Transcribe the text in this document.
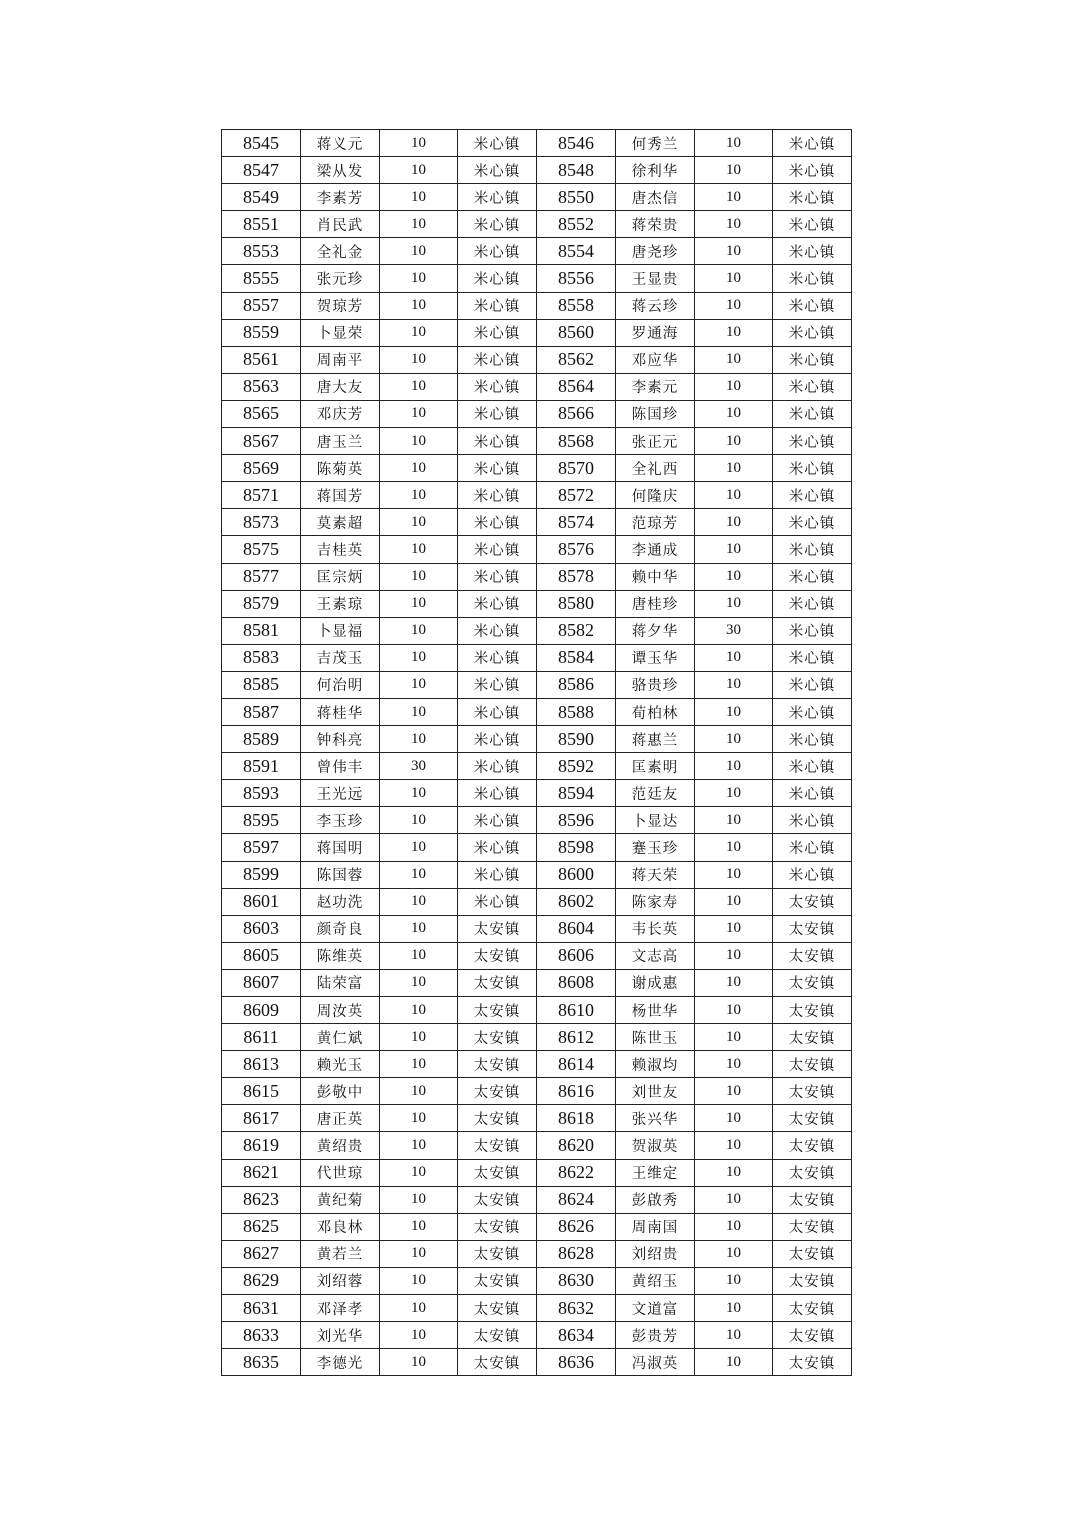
8545	蒋义元	10	米心镇	8546	何秀兰	10	米心镇
8547	梁从发	10	米心镇	8548	徐利华	10	米心镇
8549	李素芳	10	米心镇	8550	唐杰信	10	米心镇
8551	肖民武	10	米心镇	8552	蒋荣贵	10	米心镇
8553	全礼金	10	米心镇	8554	唐尧珍	10	米心镇
8555	张元珍	10	米心镇	8556	王显贵	10	米心镇
8557	贺琼芳	10	米心镇	8558	蒋云珍	10	米心镇
8559	卜显荣	10	米心镇	8560	罗通海	10	米心镇
8561	周南平	10	米心镇	8562	邓应华	10	米心镇
8563	唐大友	10	米心镇	8564	李素元	10	米心镇
8565	邓庆芳	10	米心镇	8566	陈国珍	10	米心镇
8567	唐玉兰	10	米心镇	8568	张正元	10	米心镇
8569	陈菊英	10	米心镇	8570	全礼西	10	米心镇
8571	蒋国芳	10	米心镇	8572	何隆庆	10	米心镇
8573	莫素超	10	米心镇	8574	范琼芳	10	米心镇
8575	吉桂英	10	米心镇	8576	李通成	10	米心镇
8577	匡宗炳	10	米心镇	8578	赖中华	10	米心镇
8579	王素琼	10	米心镇	8580	唐桂珍	10	米心镇
8581	卜显福	10	米心镇	8582	蒋夕华	30	米心镇
8583	吉茂玉	10	米心镇	8584	谭玉华	10	米心镇
8585	何治明	10	米心镇	8586	骆贵珍	10	米心镇
8587	蒋桂华	10	米心镇	8588	荀柏林	10	米心镇
8589	钟科亮	10	米心镇	8590	蒋惠兰	10	米心镇
8591	曾伟丰	30	米心镇	8592	匡素明	10	米心镇
8593	王光远	10	米心镇	8594	范廷友	10	米心镇
8595	李玉珍	10	米心镇	8596	卜显达	10	米心镇
8597	蒋国明	10	米心镇	8598	蹇玉珍	10	米心镇
8599	陈国蓉	10	米心镇	8600	蒋天荣	10	米心镇
8601	赵功洗	10	米心镇	8602	陈家寿	10	太安镇
8603	颜奇良	10	太安镇	8604	韦长英	10	太安镇
8605	陈维英	10	太安镇	8606	文志高	10	太安镇
8607	陆荣富	10	太安镇	8608	谢成惠	10	太安镇
8609	周汝英	10	太安镇	8610	杨世华	10	太安镇
8611	黄仁斌	10	太安镇	8612	陈世玉	10	太安镇
8613	赖光玉	10	太安镇	8614	赖淑均	10	太安镇
8615	彭敬中	10	太安镇	8616	刘世友	10	太安镇
8617	唐正英	10	太安镇	8618	张兴华	10	太安镇
8619	黄绍贵	10	太安镇	8620	贺淑英	10	太安镇
8621	代世琼	10	太安镇	8622	王维定	10	太安镇
8623	黄纪菊	10	太安镇	8624	彭啟秀	10	太安镇
8625	邓良林	10	太安镇	8626	周南国	10	太安镇
8627	黄若兰	10	太安镇	8628	刘绍贵	10	太安镇
8629	刘绍蓉	10	太安镇	8630	黄绍玉	10	太安镇
8631	邓泽孝	10	太安镇	8632	文道富	10	太安镇
8633	刘光华	10	太安镇	8634	彭贵芳	10	太安镇
8635	李德光	10	太安镇	8636	冯淑英	10	太安镇
